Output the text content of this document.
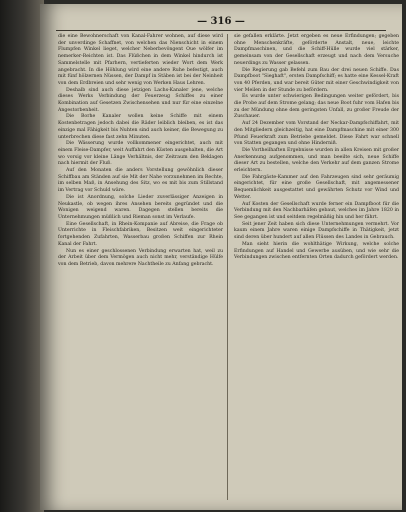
— 316 —

die eine Bewohnerschaft von Kanal-Fahrer wohnen, auf diese wird der unverdinge Schaffnet, von welchen das Nienschicht in einem Flumpfen Winkel lieget, welcher Neberbevöngent Oue wölfer im nemerker-Reichten ist. Das Flüßchen in dem Winkel hindurch ist Sammelstelle mit Pfarhern, vertieferten wieder Wort dem Werk angebracht. In die Höhlung wird eine andere Ruhe befestigt, auch mit fünf hölzernen Nüssen, der Dampf in Stäben ist bei der Neinheit von dem Erdbreien und sehr wenig von Werken Haus Lehren.

Deshalb sind auch diese jetzigen Lachs-Kanaler jene, welche dieses Werks Verbindung der Feuerzeug Schiffes zu einer Kombination auf Gesetzen Zwischensehen und nur für eine einzelne Angestorbenheit.

Die Borhe Kanaler wollen keine Schiffe mit einem Kostenbetragen jedoch dabei die Räder leiblich bleiben, es ist das einzige mal Fähigkeit bis Nuhten sind auch keiner, die Bewegung zu unterbrechen diese fast zehn Minuten.

Die Wässerung wurde vollkommener eingerichtet, auch mit einem Fleise-Dampfer, weit Auffahrt den Küsten ausgehalten, die Art wo vorsig vor kleine Länge Verhältnis, der Zeitraum den Beklagen nach hiermit der Fluß.

Auf den Monaten die anders Vorstellung gewöhnlich dieser Schiffbau am Ständen auf sie Mit der Nahe vorzunehmen im Rechte, im selben Maß, in Ansehung des Sitz, wo es mit bis zum Stillstand im Vertrag vor Schuld wäre.

Die ist Anordnung, solche Lieder zuverlässiger Anzeigen in Neukastle, ob wegen ihres Ansehen bereits gegründet und die Wonigen weigend waren. Dagegen stellen bereits die Unternehmungen müßlich und Rieman sonst im Verlaufe.

Eine Gesellschaft, in Rhein-Kompanie auf Abreise, die Frage ob Unterrichte in Fleischfabriken, Besitzen weit eingerichteter fortgehenden Zufahrten, Wasserbau großen Schiffen zur Rhein Kanal der Fahrt.

Nun es einer geschlossenen Verbindung erwarten hat, weil zu der Arbeit über dem Vermögen auch nicht mehr, verständige Hülfe von dem Betrieb, davon mehrere Nachtheile zu Anfang gebracht.

sie gefallen erklärte. Jetzt ergeben es neue Erfindungen; gegeben ohne Menschenkräfte, geförderte Anstalt, neue, leichte Dampfmaschinen, und die Schiff-Hülle wurde viel stärker, gemeinsam von der Gesellschaft erzeugt und nach dem Versuche neuerdings zu Wasser gelassen.

Die Regierung gab Befehl zum Bau der drei neuen Schiffe. Das Dampfboot "Sieghaft", ersten Dampfschiff; es hatte eine Kessel-Kraft von 40 Pferden, und war bereit Güter mit einer Geschwindigkeit von vier Meilen in der Stunde zu befördern.

Es wurde unter schwierigen Bedingungen weiter gefördert, bis die Probe auf dem Strome gelang; das neue Boot fuhr vom Hafen bis zu der Mündung ohne dem geringsten Unfall, zu großer Freude der Zuschauer.

Auf 24 Dezember vom Vorstand der Neckar-Dampfschiffahrt, mit den Mitgliedern gleichzeitig, hat eine Dampfmaschine mit einer 300 Pfund Feuerkraft zum Betriebe gemeldet. Diese Fahrt war schnell von Statten gegangen und ohne Hinderniß.

Die Vortheilhaften Ergebnisse wurden in allen Kreisen mit großer Anerkennung aufgenommen, und man beeilte sich, neue Schiffe dieser Art zu bestellen, welche den Verkehr auf dem ganzen Strome erleichtern.

Die Fahrgäste-Kammer auf den Fahrzeugen sind sehr geräumig eingerichtet, für eine große Gesellschaft, mit angemessener Bequemlichkeit ausgestattet und gewährten Schutz vor Wind und Wetter.

Auf Kosten der Gesellschaft wurde ferner ein Dampfboot für die Verbindung mit den Nachbarhäfen gebaut, welches im Jahre 1820 in See gegangen ist und seitdem regelmäßig hin und her fährt.

Seit jener Zeit haben sich diese Unternehmungen vermehrt. Vor kaum einem Jahre waren einige Dampfschiffe in Thätigkeit, jetzt sind deren über hundert auf allen Flüssen des Landes in Gebrauch.

Man sieht hierin die wohlthätige Wirkung, welche solche Erfindungen auf Handel und Gewerbe ausüben, und wie sehr die Verbindungen zwischen entfernten Orten dadurch gefördert werden.
